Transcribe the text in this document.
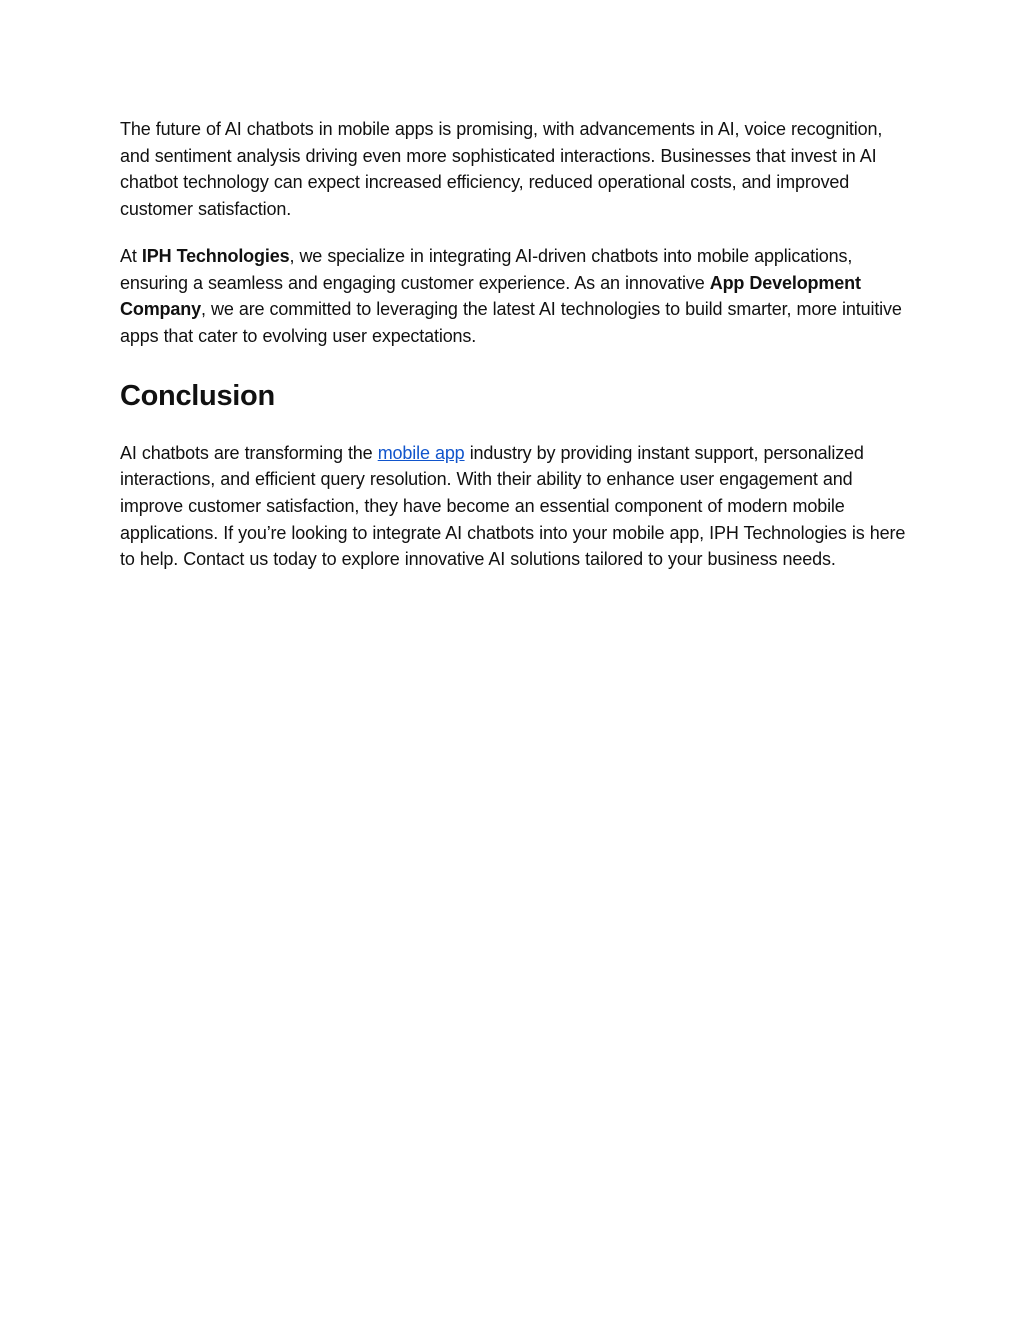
The future of AI chatbots in mobile apps is promising, with advancements in AI, voice recognition, and sentiment analysis driving even more sophisticated interactions. Businesses that invest in AI chatbot technology can expect increased efficiency, reduced operational costs, and improved customer satisfaction.

At IPH Technologies, we specialize in integrating AI-driven chatbots into mobile applications, ensuring a seamless and engaging customer experience. As an innovative App Development Company, we are committed to leveraging the latest AI technologies to build smarter, more intuitive apps that cater to evolving user expectations.

Conclusion

AI chatbots are transforming the mobile app industry by providing instant support, personalized interactions, and efficient query resolution. With their ability to enhance user engagement and improve customer satisfaction, they have become an essential component of modern mobile applications. If you’re looking to integrate AI chatbots into your mobile app, IPH Technologies is here to help. Contact us today to explore innovative AI solutions tailored to your business needs.
